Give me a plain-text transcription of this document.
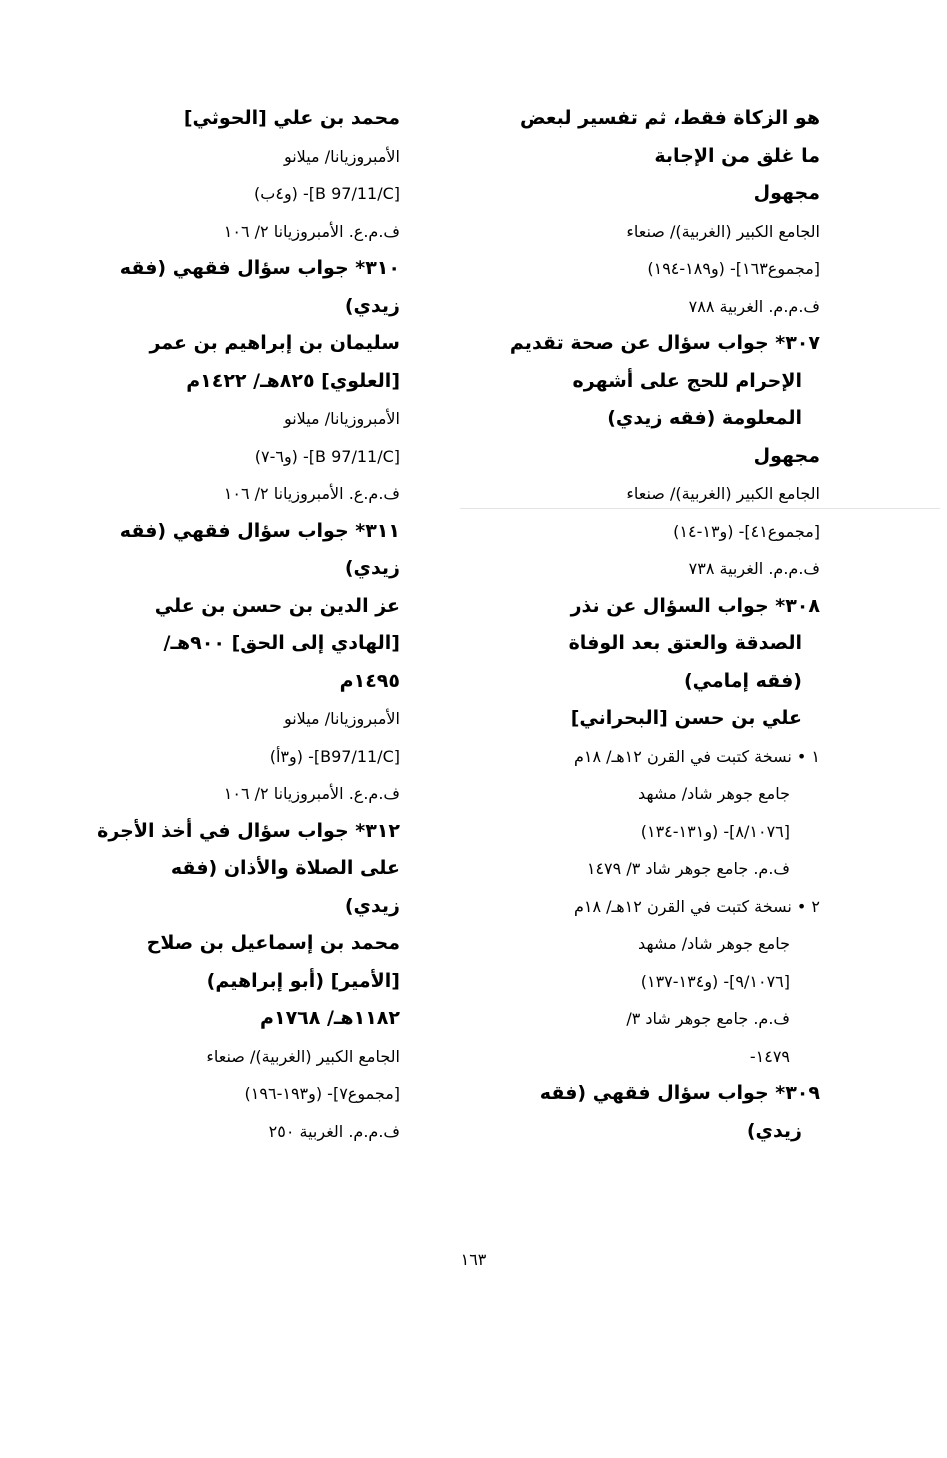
هو الزكاة فقط، ثم تفسير لبعض
ما غلق من الإجابة
مجهول
الجامع الكبير (الغربية)/ صنعاء
[مجموع١٦٣]- (و١٨٩-١٩٤)
ف.م.م. الغربية ٧٨٨
٣٠٧* جواب سؤال عن صحة تقديم
الإحرام للحج على أشهره
المعلومة (فقه زيدي)
مجهول
الجامع الكبير (الغربية)/ صنعاء
[مجموع٤١]- (و١٣-١٤)
ف.م.م. الغربية ٧٣٨
٣٠٨* جواب السؤال عن نذر
الصدقة والعتق بعد الوفاة
(فقه إمامي)
علي بن حسن [البحراني]
١ • نسخة كتبت في القرن ١٢هـ/ ١٨م
جامع جوهر شاد/ مشهد
[٨/١٠٧٦]- (و١٣١-١٣٤)
ف.م. جامع جوهر شاد ٣/ ١٤٧٩
٢ • نسخة كتبت في القرن ١٢هـ/ ١٨م
جامع جوهر شاد/ مشهد
[٩/١٠٧٦]- (و١٣٤-١٣٧)
ف.م. جامع جوهر شاد ٣/
١٤٧٩-
٣٠٩* جواب سؤال فقهي (فقه
زيدي)
محمد بن علي [الحوثي]
الأمبروزيانا/ ميلانو
[B 97/11/C]- (و٤ب)
ف.م.ع. الأمبروزيانا ٢/ ١٠٦
٣١٠* جواب سؤال فقهي (فقه
زيدي)
سليمان بن إبراهيم بن عمر
[العلوي] ٨٢٥هـ/ ١٤٢٢م
الأمبروزيانا/ ميلانو
[B 97/11/C]- (و٦-٧)
ف.م.ع. الأمبروزيانا ٢/ ١٠٦
٣١١* جواب سؤال فقهي (فقه
زيدي)
عز الدين بن حسن بن علي
[الهادي إلى الحق] ٩٠٠هـ/
١٤٩٥م
الأمبروزيانا/ ميلانو
[B97/11/C]- (و٣أ)
ف.م.ع. الأمبروزيانا ٢/ ١٠٦
٣١٢* جواب سؤال في أخذ الأجرة
على الصلاة والأذان (فقه
زيدي)
محمد بن إسماعيل بن صلاح
[الأمير] (أبو إبراهيم)
١١٨٢هـ/ ١٧٦٨م
الجامع الكبير (الغربية)/ صنعاء
[مجموع٧]- (و١٩٣-١٩٦)
ف.م.م. الغربية ٢٥٠
١٦٣
